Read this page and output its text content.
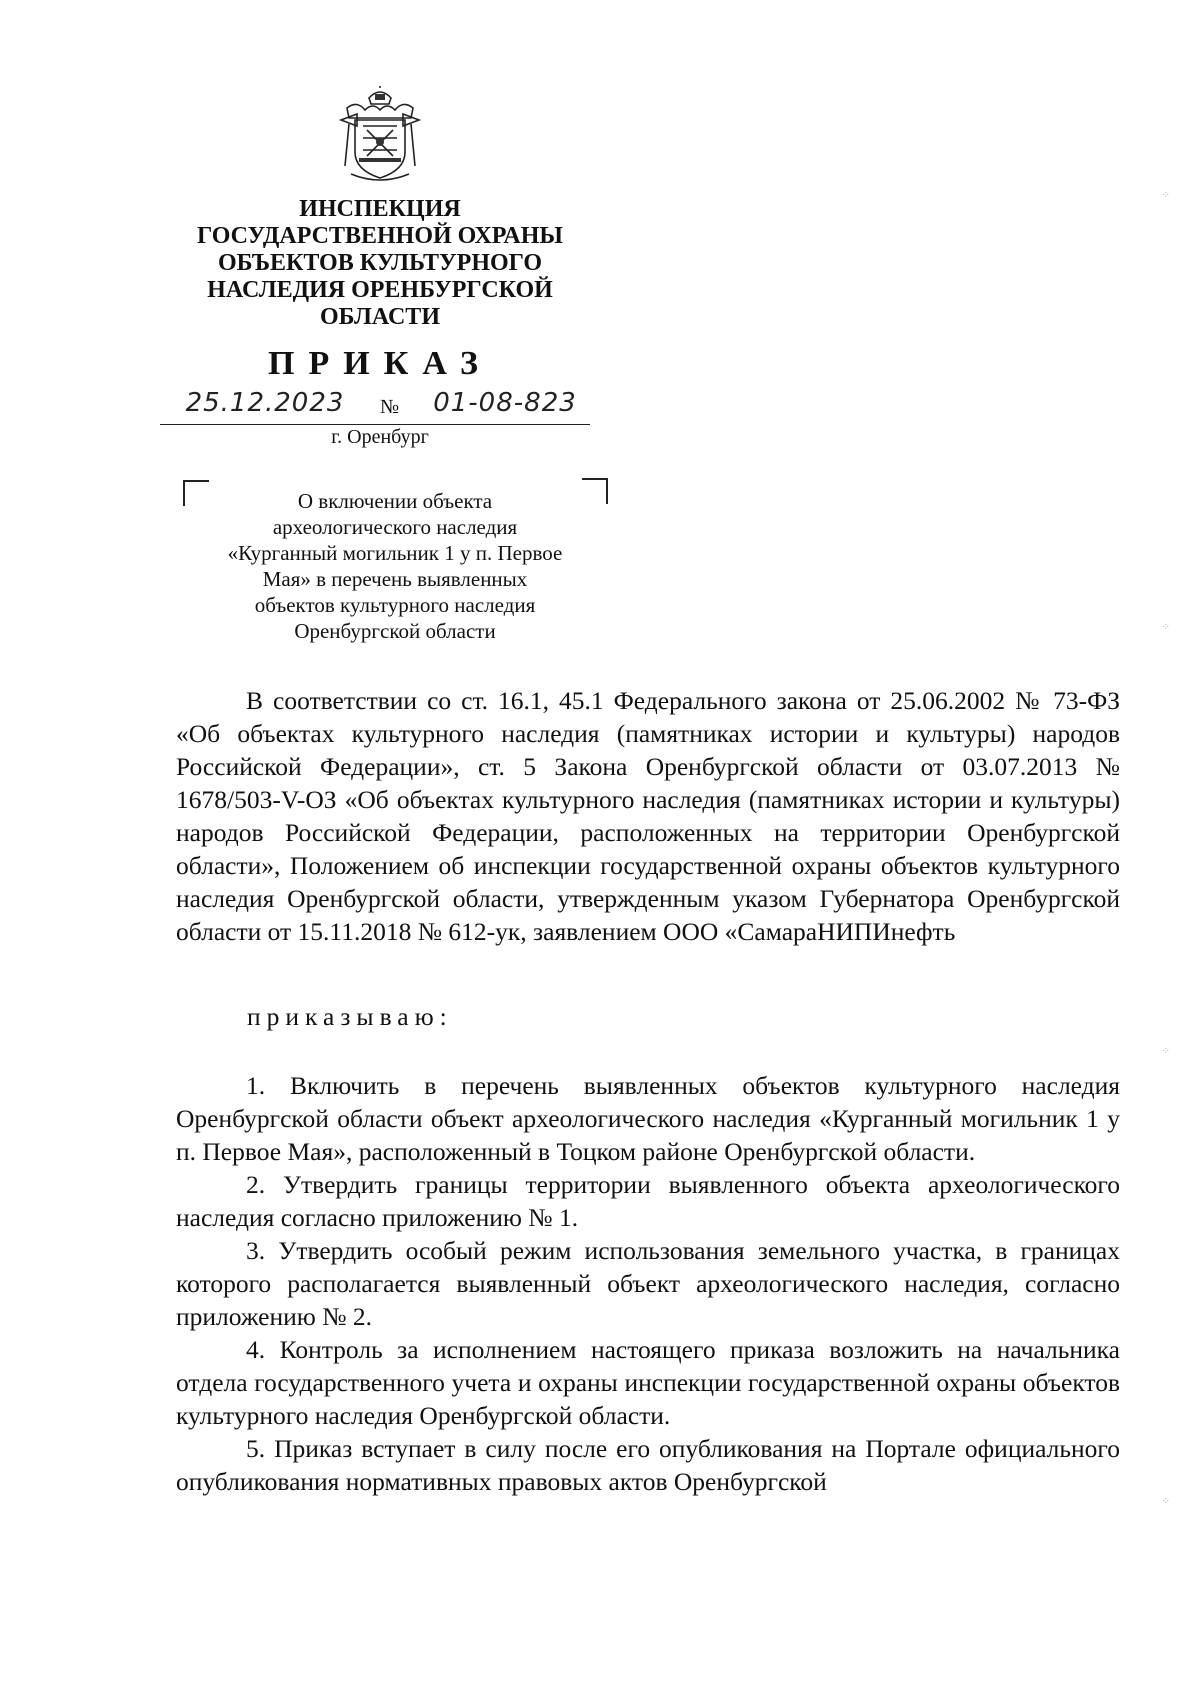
ИНСПЕКЦИЯ
ГОСУДАРСТВЕННОЙ ОХРАНЫ
ОБЪЕКТОВ КУЛЬТУРНОГО
НАСЛЕДИЯ ОРЕНБУРГСКОЙ
ОБЛАСТИ
ПРИКАЗ
25.12.2023	№	01-08-823
г. Оренбург
О включении объекта
археологического наследия
«Курганный могильник 1 у п. Первое
Мая» в перечень выявленных
объектов культурного наследия
Оренбургской области

В соответствии со ст. 16.1, 45.1 Федерального закона от 25.06.2002 № 73-ФЗ «Об объектах культурного наследия (памятниках истории и культуры) народов Российской Федерации», ст. 5 Закона Оренбургской области от 03.07.2013 № 1678/503-V-ОЗ «Об объектах культурного наследия (памятниках истории и культуры) народов Российской Федерации, расположенных на территории Оренбургской области», Положением об инспекции государственной охраны объектов культурного наследия Оренбургской области, утвержденным указом Губернатора Оренбургской области от 15.11.2018 № 612-ук, заявлением ООО «СамараНИПИнефть

приказываю:

1. Включить в перечень выявленных объектов культурного наследия Оренбургской области объект археологического наследия «Курганный могильник 1 у п. Первое Мая», расположенный в Тоцком районе Оренбургской области.

2. Утвердить границы территории выявленного объекта археологического наследия согласно приложению № 1.

3. Утвердить особый режим использования земельного участка, в границах которого располагается выявленный объект археологического наследия, согласно приложению № 2.

4. Контроль за исполнением настоящего приказа возложить на начальника отдела государственного учета и охраны инспекции государственной охраны объектов культурного наследия Оренбургской области.

5. Приказ вступает в силу после его опубликования на Портале официального опубликования нормативных правовых актов Оренбургской

⁘
⁘
⁘
⁘
